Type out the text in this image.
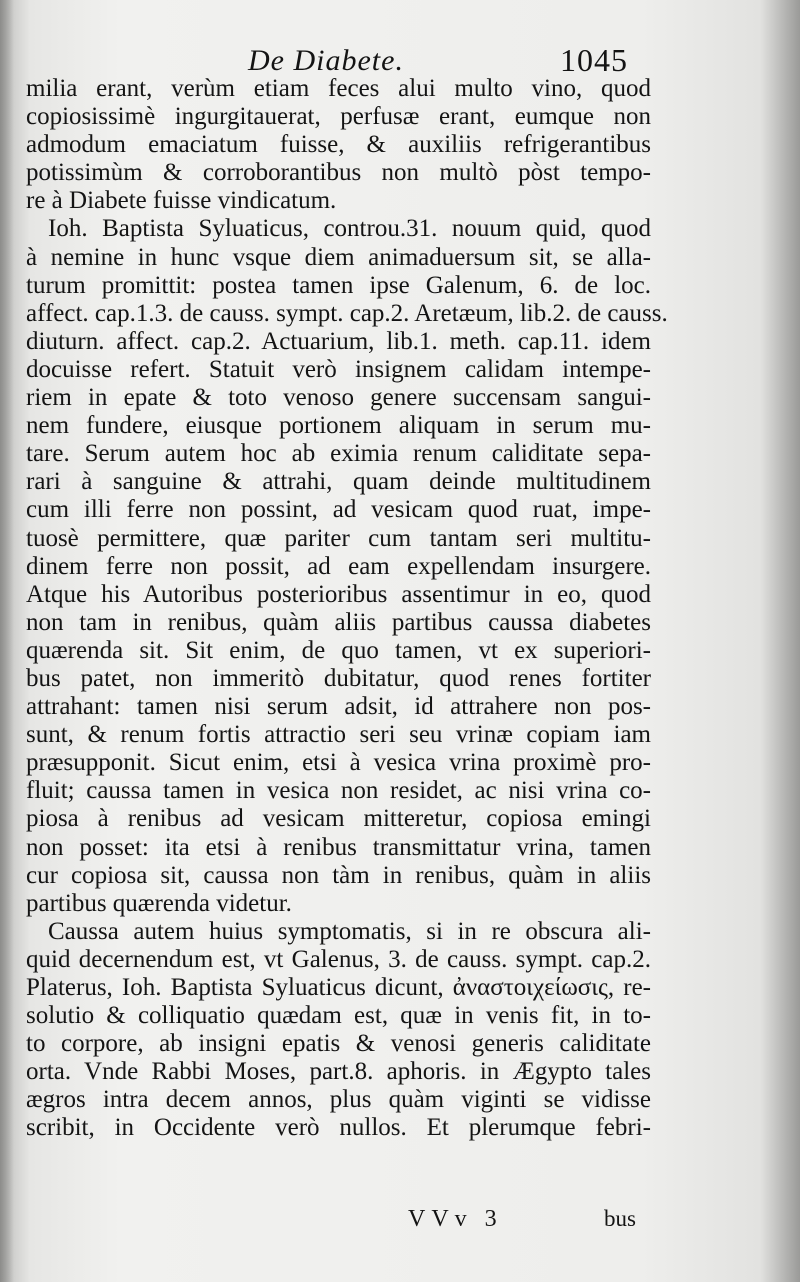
De Diabete.	1045
milia erant, verùm etiam feces alui multo vino, quod
copiosissimè ingurgitauerat, perfusæ erant, eumque non
admodum emaciatum fuisse, & auxiliis refrigerantibus
potissimùm & corroborantibus non multò pòst tempo-
re à Diabete fuisse vindicatum.
Ioh. Baptista Syluaticus, controu.31. nouum quid, quod
à nemine in hunc vsque diem animaduersum sit, se alla-
turum promittit: postea tamen ipse Galenum, 6. de loc.
affect. cap.1.3. de causs. sympt. cap.2. Aretæum, lib.2. de causs.
diuturn. affect. cap.2. Actuarium, lib.1. meth. cap.11. idem
docuisse refert. Statuit verò insignem calidam intempe-
riem in epate & toto venoso genere succensam sangui-
nem fundere, eiusque portionem aliquam in serum mu-
tare. Serum autem hoc ab eximia renum caliditate sepa-
rari à sanguine & attrahi, quam deinde multitudinem
cum illi ferre non possint, ad vesicam quod ruat, impe-
tuosè permittere, quæ pariter cum tantam seri multitu-
dinem ferre non possit, ad eam expellendam insurgere.
Atque his Autoribus posterioribus assentimur in eo, quod
non tam in renibus, quàm aliis partibus caussa diabetes
quærenda sit. Sit enim, de quo tamen, vt ex superiori-
bus patet, non immeritò dubitatur, quod renes fortiter
attrahant: tamen nisi serum adsit, id attrahere non pos-
sunt, & renum fortis attractio seri seu vrinæ copiam iam
præsupponit. Sicut enim, etsi à vesica vrina proximè pro-
fluit; caussa tamen in vesica non residet, ac nisi vrina co-
piosa à renibus ad vesicam mitteretur, copiosa emingi
non posset: ita etsi à renibus transmittatur vrina, tamen
cur copiosa sit, caussa non tàm in renibus, quàm in aliis
partibus quærenda videtur.
Caussa autem huius symptomatis, si in re obscura ali-
quid decernendum est, vt Galenus, 3. de causs. sympt. cap.2.
Platerus, Ioh. Baptista Syluaticus dicunt, ἀναστοιχείωσις, re-
solutio & colliquatio quædam est, quæ in venis fit, in to-
to corpore, ab insigni epatis & venosi generis caliditate
orta. Vnde Rabbi Moses, part.8. aphoris. in Ægypto tales
ægros intra decem annos, plus quàm viginti se vidisse
scribit, in Occidente verò nullos. Et plerumque febri-
VVv 3	bus
